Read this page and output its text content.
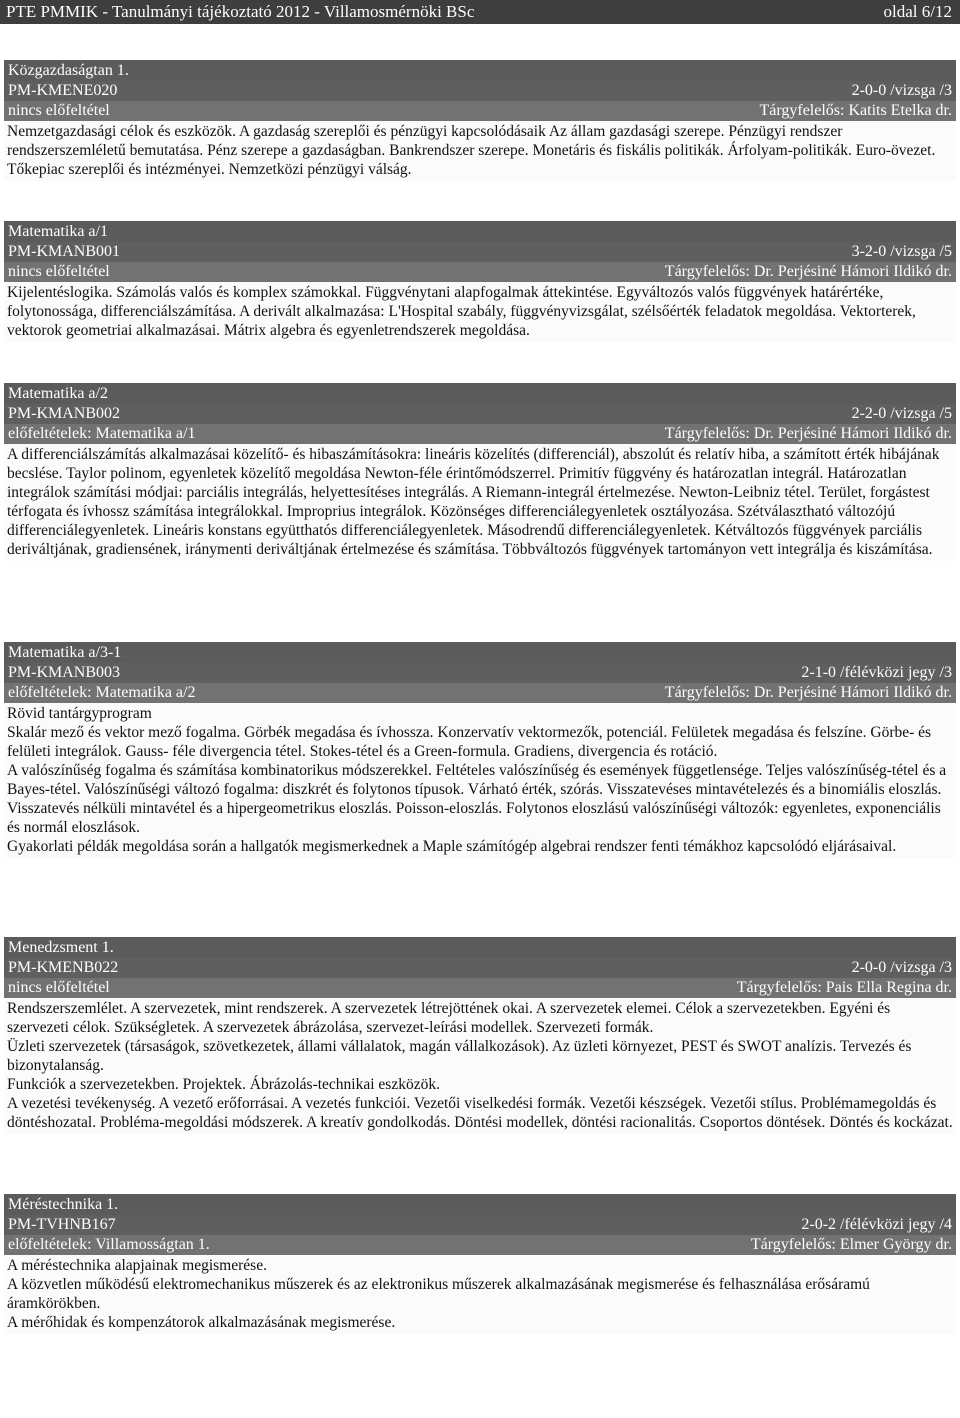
PTE PMMIK - Tanulmányi tájékoztató 2012 - Villamosmérnöki BSc	oldal 6/12
Közgazdaságtan 1.
PM-KMENE020	2-0-0 /vizsga /3
nincs előfeltétel	Tárgyfelelős: Katits Etelka dr.

Nemzetgazdasági célok és eszközök. A gazdaság szereplői és pénzügyi kapcsolódásaik Az állam gazdasági szerepe. Pénzügyi rendszer rendszerszemléletű bemutatása. Pénz szerepe a gazdaságban. Bankrendszer szerepe. Monetáris és fiskális politikák. Árfolyam-politikák. Euro-övezet. Tőkepiac szereplői és intézményei. Nemzetközi pénzügyi válság.

Matematika a/1
PM-KMANB001	3-2-0 /vizsga /5
nincs előfeltétel	Tárgyfelelős: Dr. Perjésiné Hámori Ildikó dr.

Kijelentéslogika. Számolás valós és komplex számokkal. Függvénytani alapfogalmak áttekintése. Egyváltozós valós függvények határértéke, folytonossága, differenciálszámítása. A derivált alkalmazása: L'Hospital szabály, függvényvizsgálat, szélsőérték feladatok megoldása. Vektorterek, vektorok geometriai alkalmazásai. Mátrix algebra és egyenletrendszerek megoldása.

Matematika a/2
PM-KMANB002	2-2-0 /vizsga /5
előfeltételek: Matematika a/1	Tárgyfelelős: Dr. Perjésiné Hámori Ildikó dr.

A differenciálszámítás alkalmazásai közelítő- és hibaszámításokra: lineáris közelítés (differenciál), abszolút és relatív hiba, a számított érték hibájának becslése. Taylor polinom, egyenletek közelítő megoldása Newton-féle érintőmódszerrel. Primitív függvény és határozatlan integrál. Határozatlan integrálok számítási módjai: parciális integrálás, helyettesítéses integrálás. A Riemann-integrál értelmezése. Newton-Leibniz tétel. Terület, forgástest térfogata és ívhossz számítása integrálokkal. Improprius integrálok. Közönséges differenciálegyenletek osztályozása. Szétválasztható változójú differenciálegyenletek. Lineáris konstans együtthatós differenciálegyenletek. Másodrendű differenciálegyenletek. Kétváltozós függvények parciális deriváltjának, gradiensének, iránymenti deriváltjának értelmezése és számítása. Többváltozós függvények tartományon vett integrálja és kiszámítása.

Matematika a/3-1
PM-KMANB003	2-1-0 /félévközi jegy /3
előfeltételek: Matematika a/2	Tárgyfelelős: Dr. Perjésiné Hámori Ildikó dr.

Rövid tantárgyprogram

Skalár mező és vektor mező fogalma. Görbék megadása és ívhossza. Konzervatív vektormezők, potenciál. Felületek megadása és felszíne. Görbe- és felületi integrálok. Gauss- féle divergencia tétel. Stokes-tétel és a Green-formula. Gradiens, divergencia és rotáció.

A valószínűség fogalma és számítása kombinatorikus módszerekkel. Feltételes valószínűség és események függetlensége. Teljes valószínűség-tétel és a Bayes-tétel. Valószínűségi változó fogalma: diszkrét és folytonos típusok. Várható érték, szórás. Visszatevéses mintavételezés és a binomiális eloszlás. Visszatevés nélküli mintavétel és a hipergeometrikus eloszlás. Poisson-eloszlás. Folytonos eloszlású valószínűségi változók: egyenletes, exponenciális és normál eloszlások.

Gyakorlati példák megoldása során a hallgatók megismerkednek a Maple számítógép algebrai rendszer fenti témákhoz kapcsolódó eljárásaival.

Menedzsment 1.
PM-KMENB022	2-0-0 /vizsga /3
nincs előfeltétel	Tárgyfelelős: Pais Ella Regina dr.

Rendszerszemlélet. A szervezetek, mint rendszerek. A szervezetek létrejöttének okai. A szervezetek elemei. Célok a szervezetekben. Egyéni és szervezeti célok. Szükségletek. A szervezetek ábrázolása, szervezet-leírási modellek. Szervezeti formák.

Üzleti szervezetek (társaságok, szövetkezetek, állami vállalatok, magán vállalkozások). Az üzleti környezet, PEST és SWOT analízis. Tervezés és bizonytalanság.

Funkciók a szervezetekben. Projektek. Ábrázolás-technikai eszközök.

A vezetési tevékenység. A vezető erőforrásai. A vezetés funkciói. Vezetői viselkedési formák. Vezetői készségek. Vezetői stílus. Problémamegoldás és döntéshozatal. Probléma-megoldási módszerek. A kreatív gondolkodás. Döntési modellek, döntési racionalitás. Csoportos döntések. Döntés és kockázat.

Méréstechnika 1.
PM-TVHNB167	2-0-2 /félévközi jegy /4
előfeltételek: Villamosságtan 1.	Tárgyfelelős: Elmer György dr.

A méréstechnika alapjainak megismerése.

A közvetlen működésű elektromechanikus műszerek és az elektronikus műszerek alkalmazásának megismerése és felhasználása erősáramú áramkörökben.

A mérőhidak és kompenzátorok alkalmazásának megismerése.
